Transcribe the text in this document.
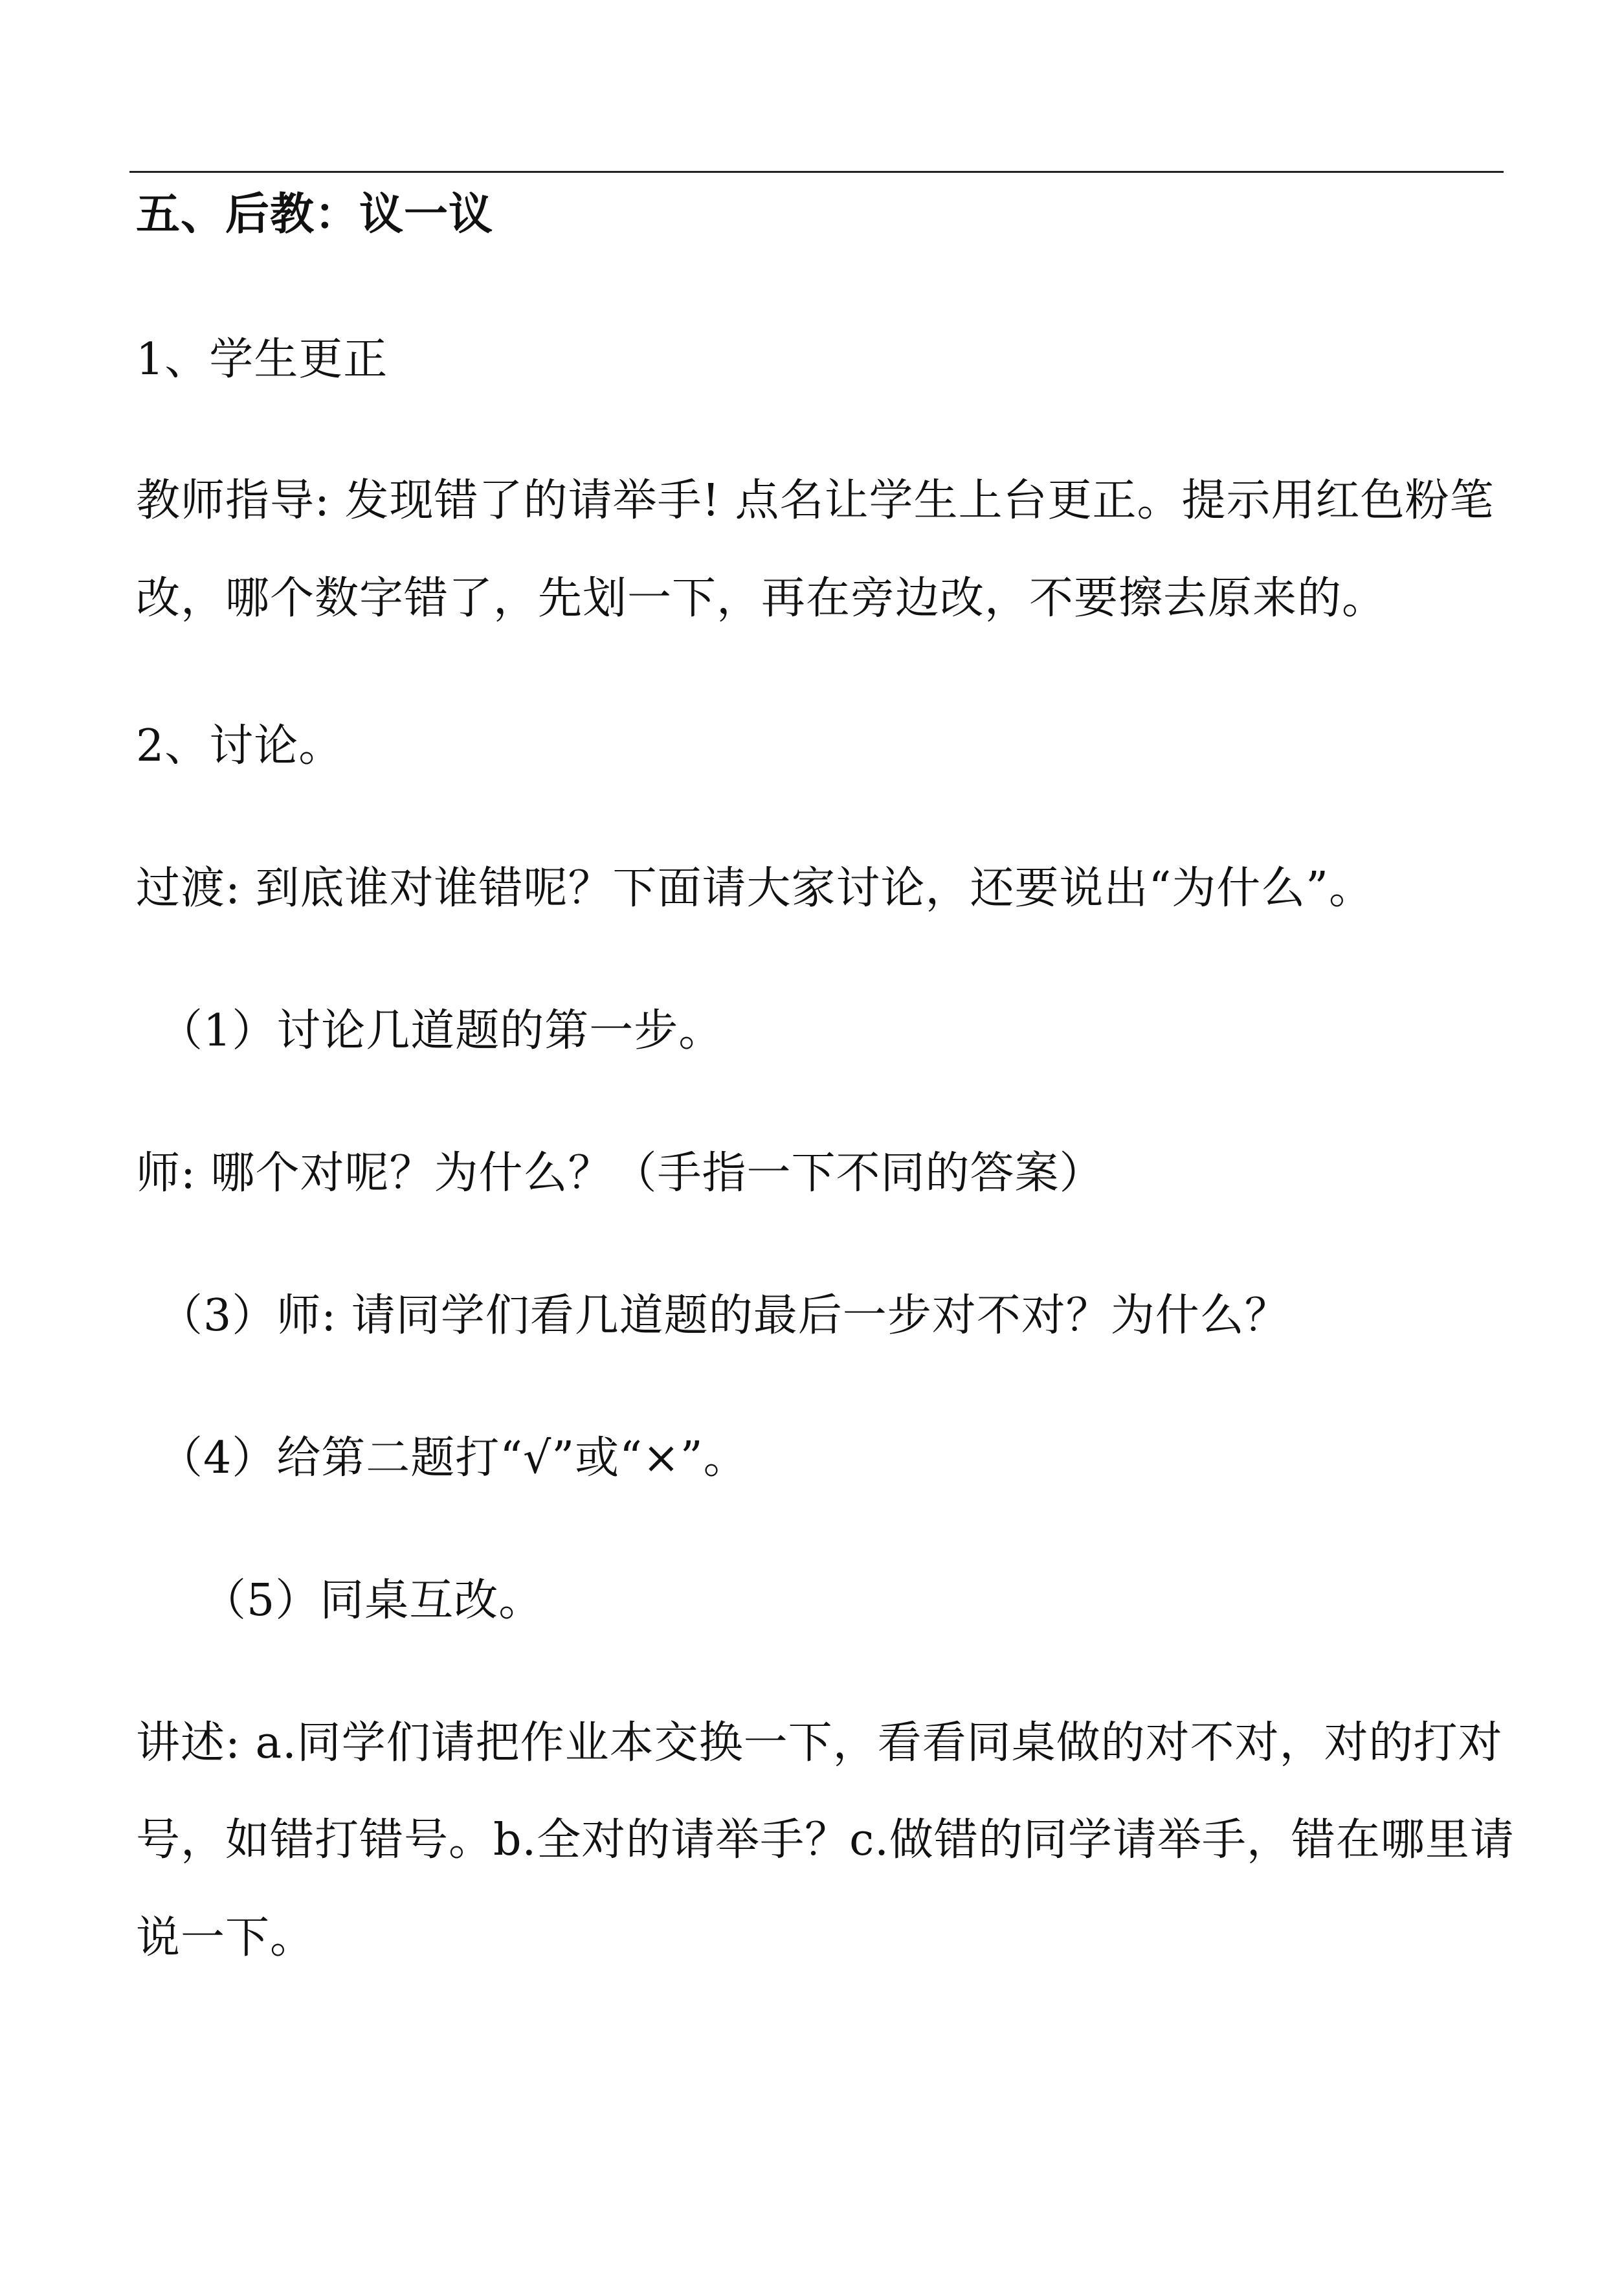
五、后教：议一议
1、学生更正
教师指导: 发现错了的请举手! 点名让学生上台更正。提示用红色粉笔
改，哪个数字错了，先划一下，再在旁边改，不要擦去原来的。
2、讨论。
过渡: 到底谁对谁错呢？下面请大家讨论，还要说出“为什么”。
（1）讨论几道题的第一步。
师: 哪个对呢？为什么？（手指一下不同的答案）
（3）师: 请同学们看几道题的最后一步对不对？为什么？
（4）给第二题打“√”或“×”。
（5）同桌互改。
讲述: a.同学们请把作业本交换一下，看看同桌做的对不对，对的打对
号，如错打错号。b.全对的请举手？c.做错的同学请举手，错在哪里请
说一下。
